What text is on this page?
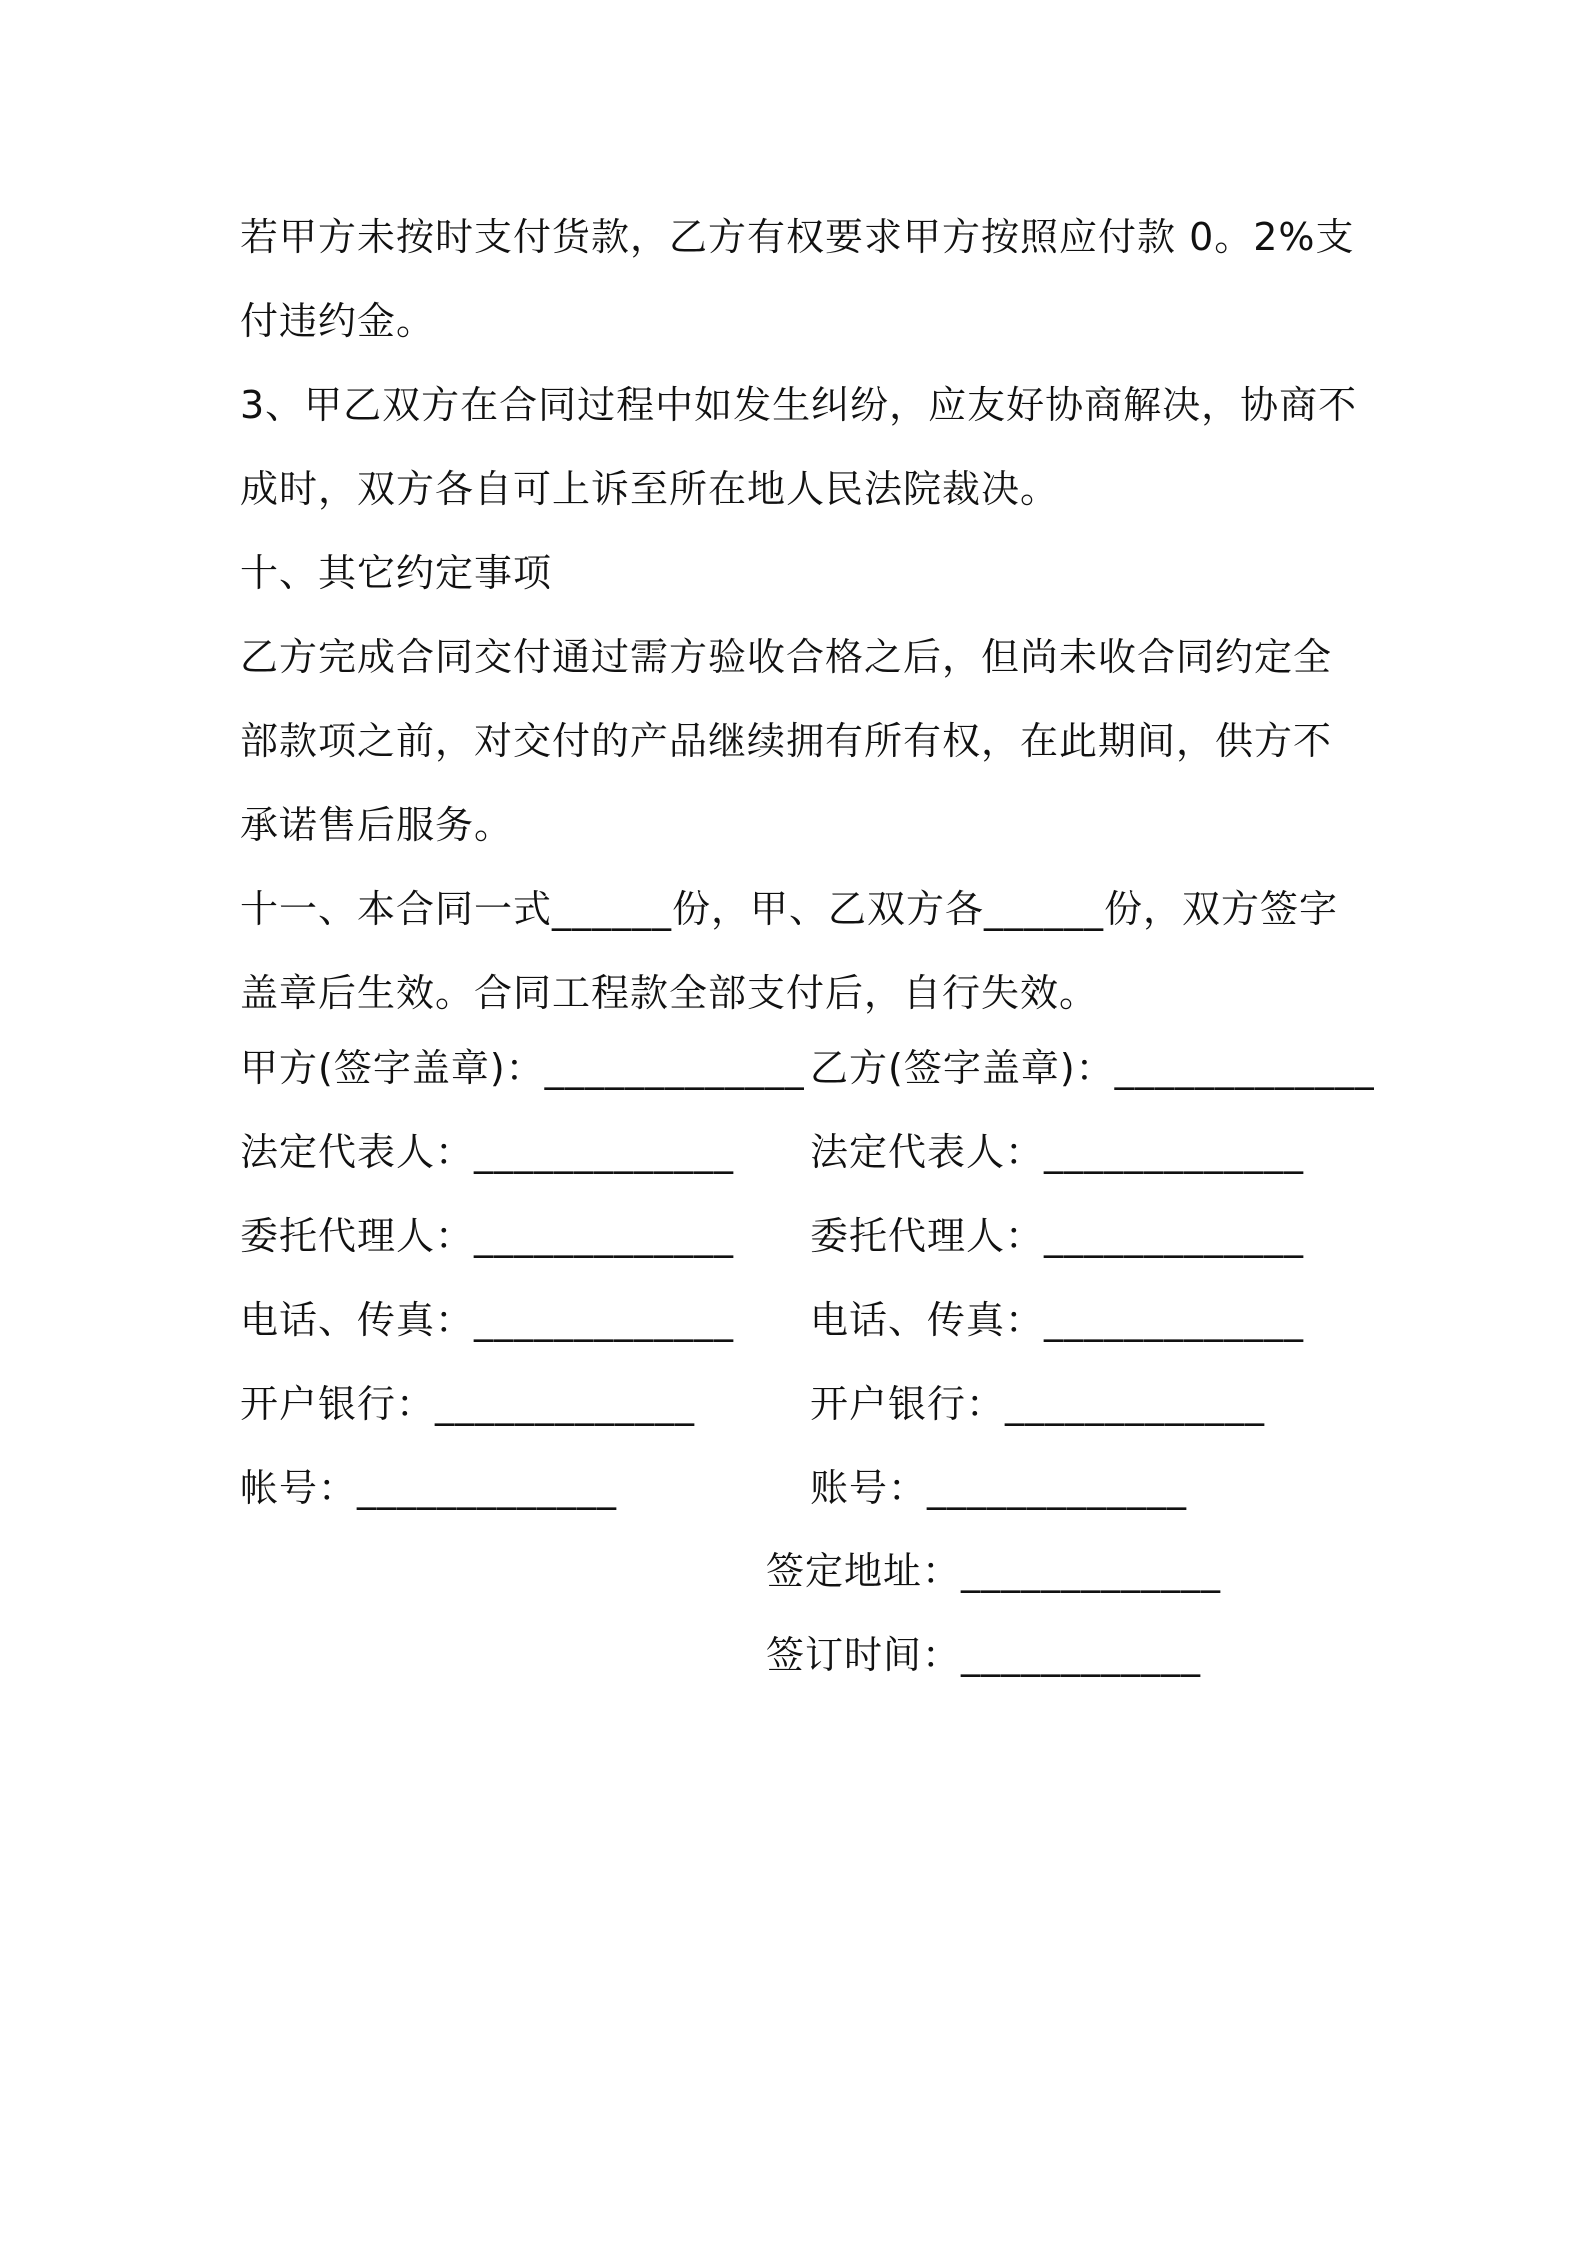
若甲方未按时支付货款，乙方有权要求甲方按照应付款 0。2%支付违约金。

3、甲乙双方在合同过程中如发生纠纷，应友好协商解决，协商不成时，双方各自可上诉至所在地人民法院裁决。

十、其它约定事项

乙方完成合同交付通过需方验收合格之后，但尚未收合同约定全部款项之前，对交付的产品继续拥有所有权，在此期间，供方不承诺售后服务。

十一、本合同一式______份，甲、乙双方各______份，双方签字盖章后生效。合同工程款全部支付后，自行失效。

甲方(签字盖章)：_____________ 乙方(签字盖章)：_____________
法定代表人：_____________ 法定代表人：_____________
委托代理人：_____________ 委托代理人：_____________
电话、传真：_____________ 电话、传真：_____________
开户银行：_____________	开户银行：_____________
帐号：_____________	账号：_____________
签定地址：_____________
签订时间：____________
